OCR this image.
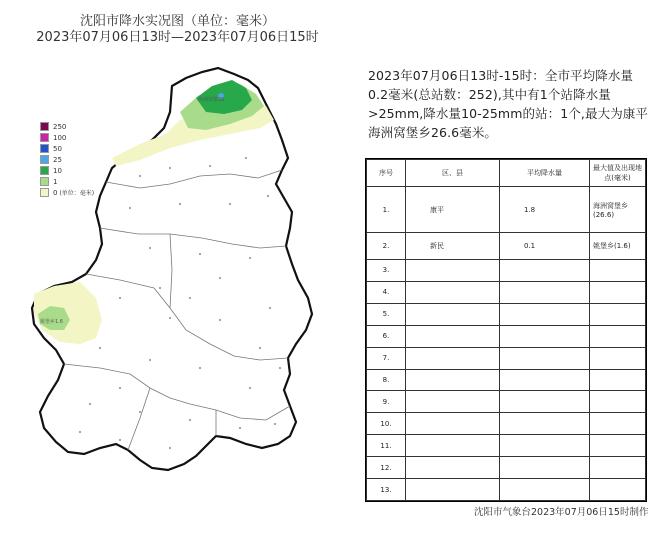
沈阳市降水实况图（单位：毫米）
2023年07月06日13时—2023年07月06日15时
海洲窝堡26
姚堡乡1.6
250
100
50
25
10
1
0 (单位：毫米)
2023年07月06日13时-15时：全市平均降水量0.2毫米(总站数：252),其中有1个站降水量>25mm,降水量10-25mm的站：1个,最大为康平海洲窝堡乡26.6毫米。
序号	区、县	平均降水量	最大值及出现地点(毫米)
1.	康平	1.8	海洲窝堡乡(26.6)
2.	新民	0.1	姚堡乡(1.6)
3.			
4.			
5.			
6.			
7.			
8.			
9.			
10.			
11.			
12.			
13.			
沈阳市气象台2023年07月06日15时制作
